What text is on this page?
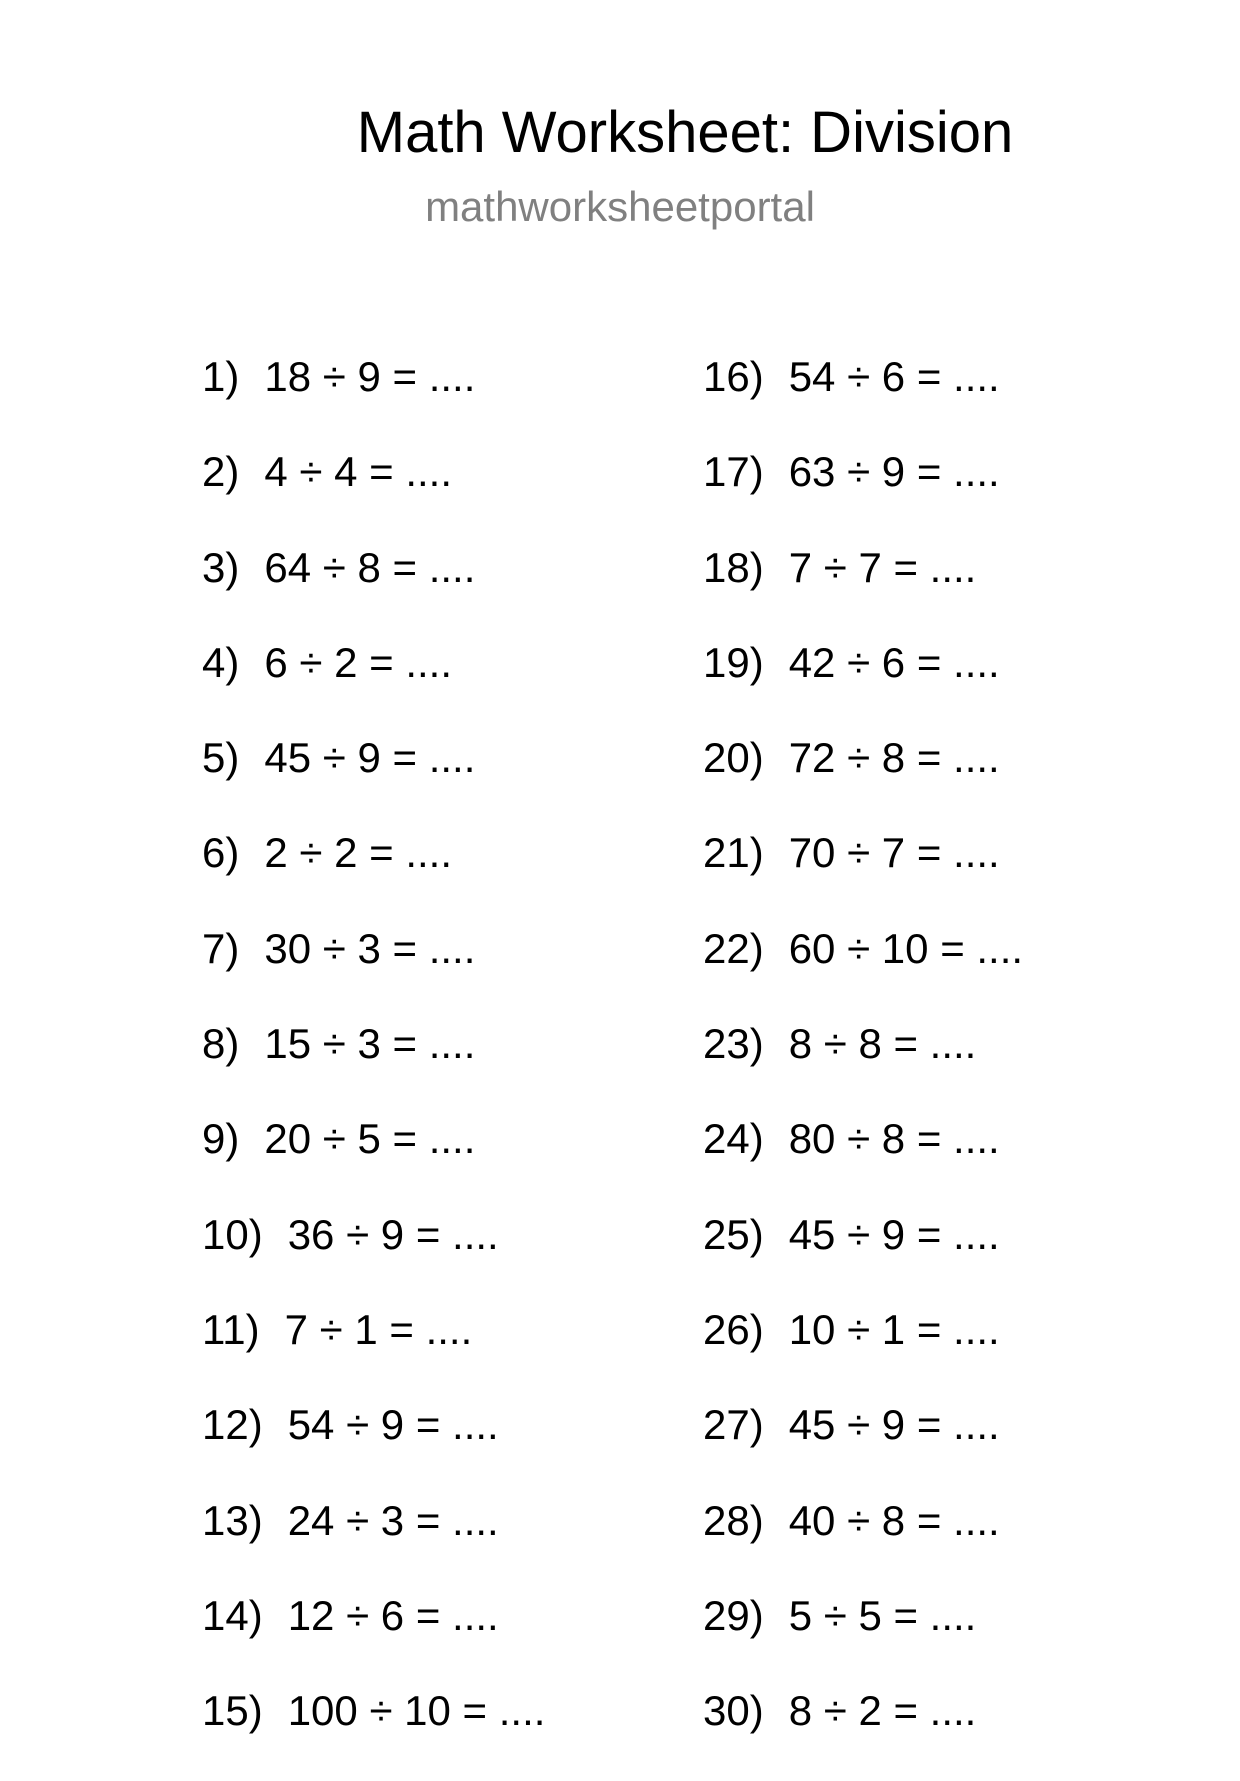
Math Worksheet: Division
mathworksheetportal
1) 18 ÷ 9 = ....
2) 4 ÷ 4 = ....
3) 64 ÷ 8 = ....
4) 6 ÷ 2 = ....
5) 45 ÷ 9 = ....
6) 2 ÷ 2 = ....
7) 30 ÷ 3 = ....
8) 15 ÷ 3 = ....
9) 20 ÷ 5 = ....
10) 36 ÷ 9 = ....
11) 7 ÷ 1 = ....
12) 54 ÷ 9 = ....
13) 24 ÷ 3 = ....
14) 12 ÷ 6 = ....
15) 100 ÷ 10 = ....
16) 54 ÷ 6 = ....
17) 63 ÷ 9 = ....
18) 7 ÷ 7 = ....
19) 42 ÷ 6 = ....
20) 72 ÷ 8 = ....
21) 70 ÷ 7 = ....
22) 60 ÷ 10 = ....
23) 8 ÷ 8 = ....
24) 80 ÷ 8 = ....
25) 45 ÷ 9 = ....
26) 10 ÷ 1 = ....
27) 45 ÷ 9 = ....
28) 40 ÷ 8 = ....
29) 5 ÷ 5 = ....
30) 8 ÷ 2 = ....
